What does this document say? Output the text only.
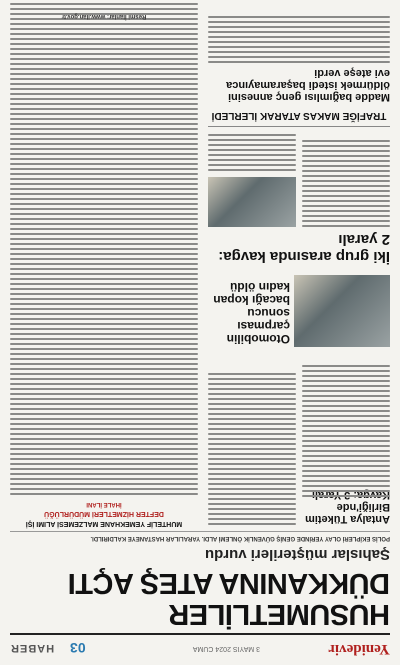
Yenidevir
3 MAYIS 2024 CUMA
03
HABER
HUSUMETLİLER
DÜKKANINA ATEŞ AÇTI
Şahıslar müşterileri vurdu
POLİS EKİPLERİ OLAY YERİNDE GENİŞ GÜVENLİK ÖNLEMİ ALDI. YARALILAR HASTANEYE KALDIRILDI.
Antalya Tüketim Birliği'nde
Otomobilin çarpması sonucu bacağı kopan kadın öldü
İki grup arasında kavga: 2 yaralı
TRAFİĞE MAKAS ATARAK İLERLEDİ
Madde bağımlısı genç annesini öldürmek istedi başaramayınca evi ateşe verdi
MUHTELİF YEMEKHANE MALZEMESİ ALIMI İŞİ
DEFTER HİZMETLERİ MÜDÜRLÜĞÜ
İHALE İLANI
Resmi İlanlar: www.ilan.gov.tr
